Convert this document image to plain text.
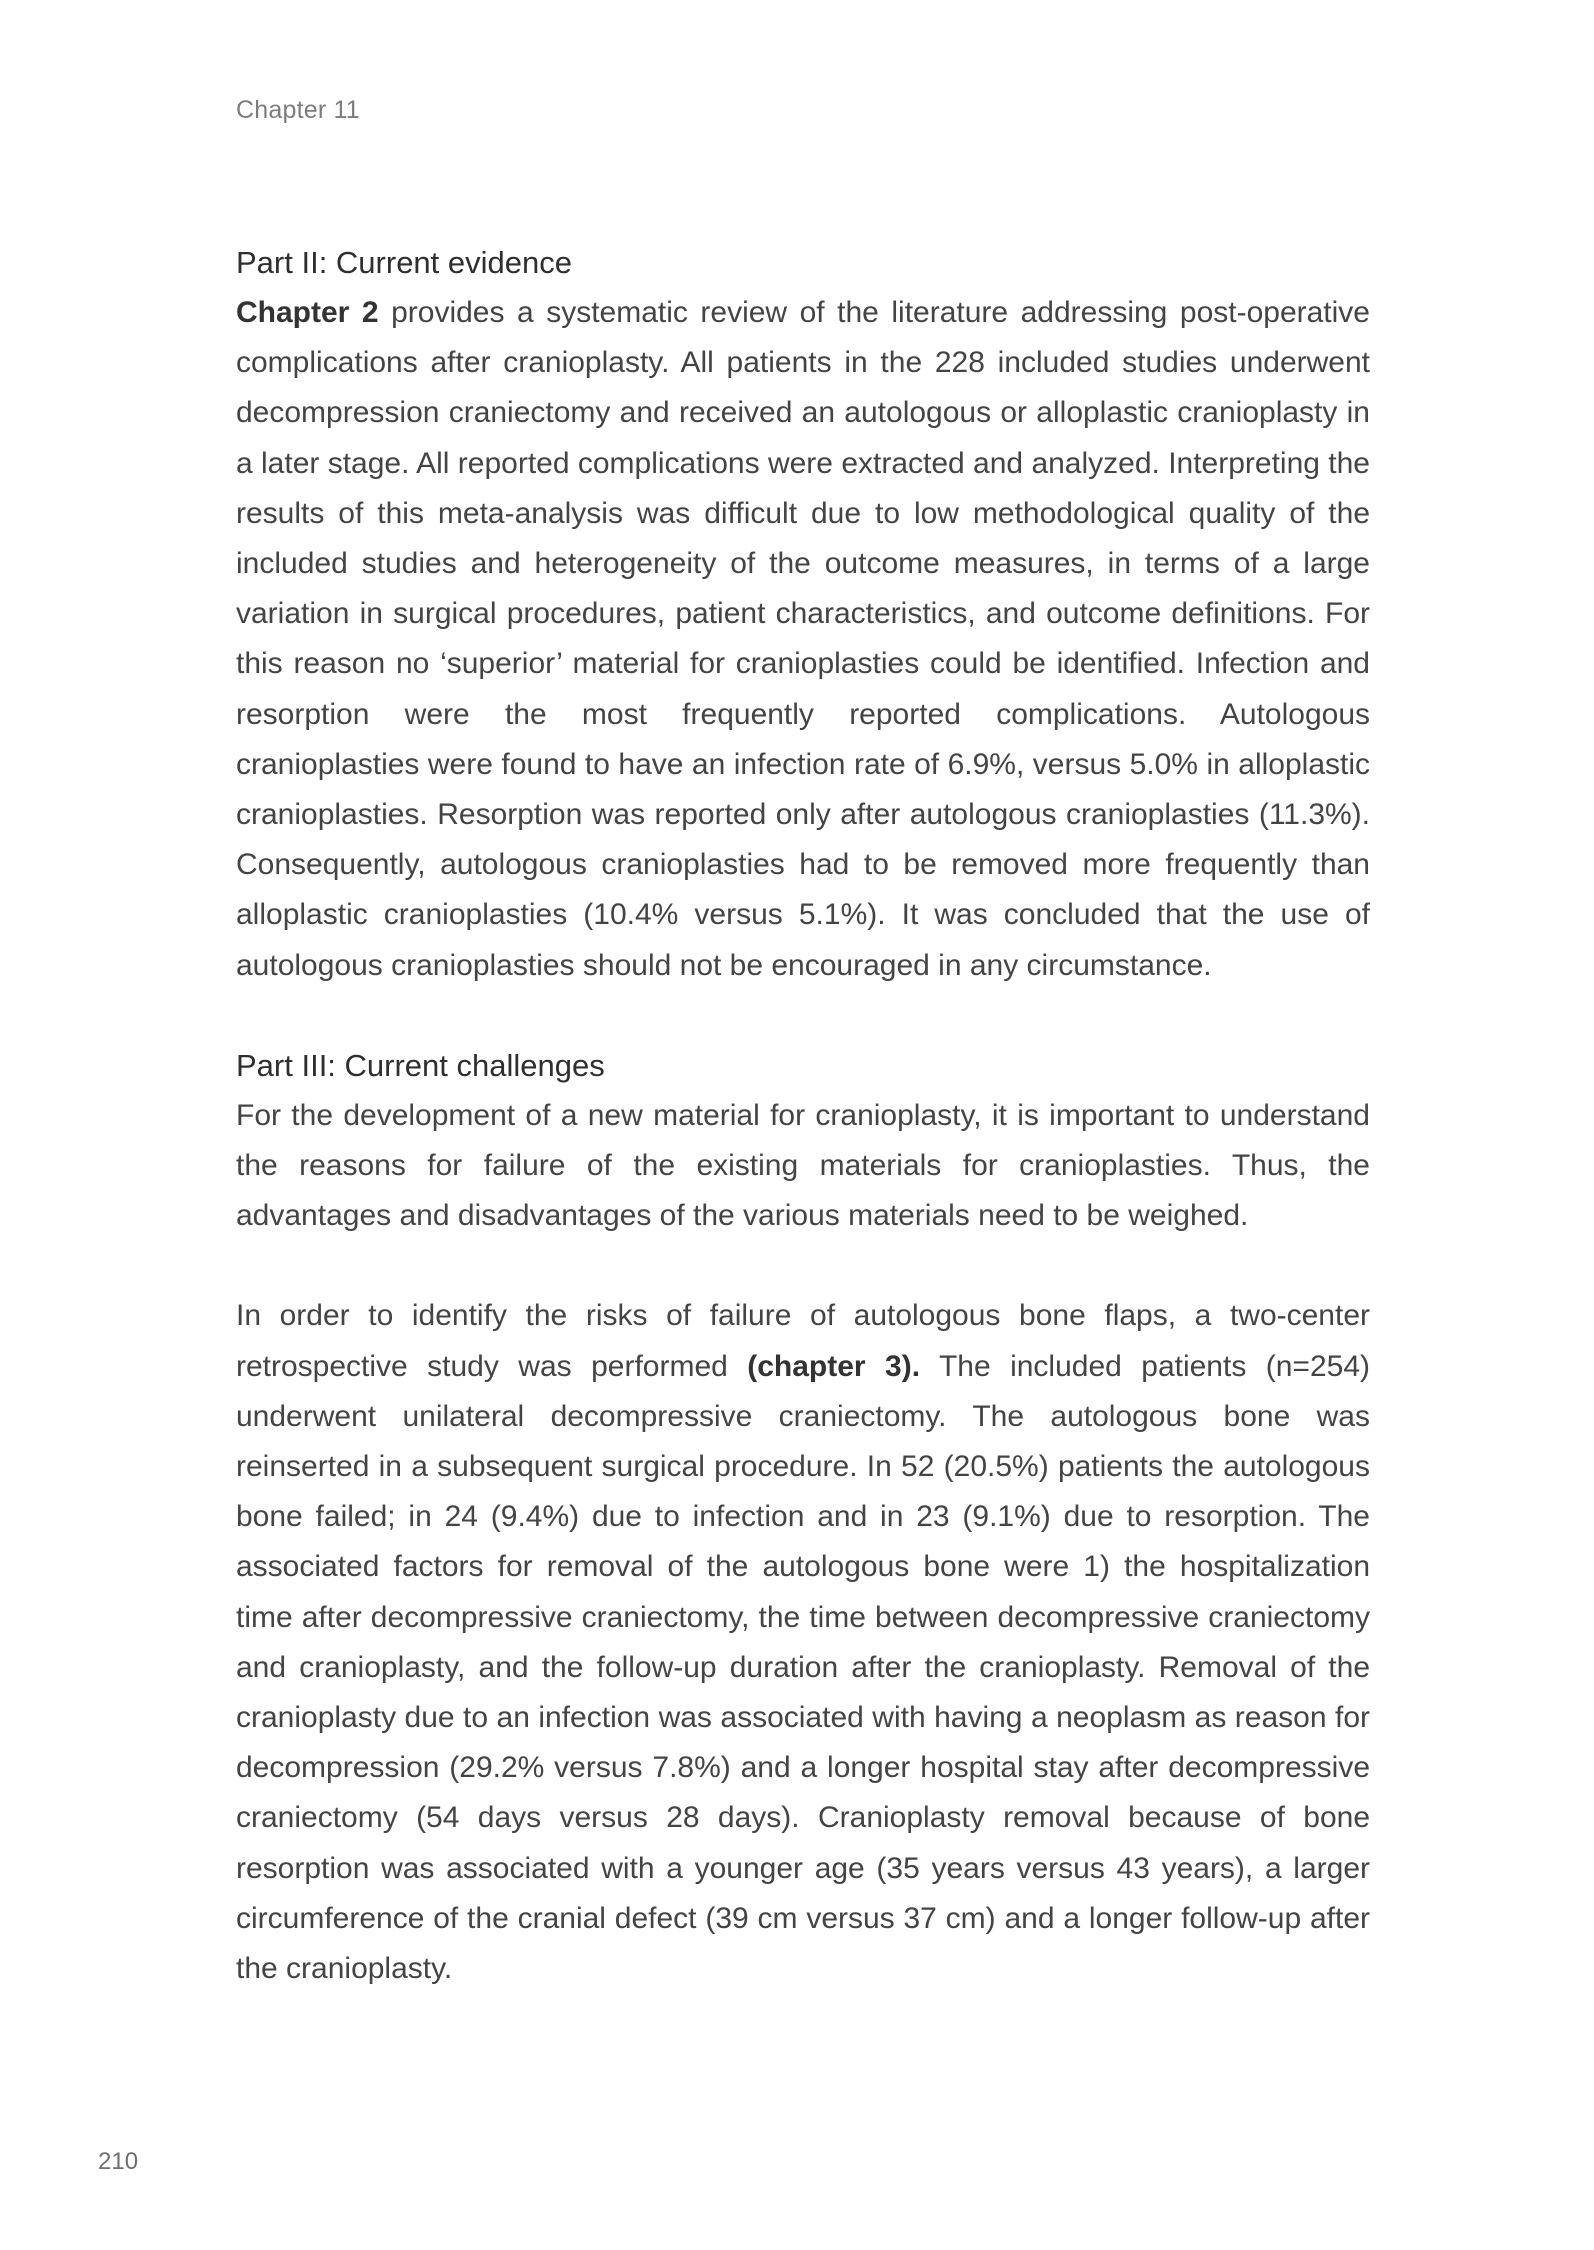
Chapter 11
Part II: Current evidence

Chapter 2 provides a systematic review of the literature addressing post-operative complications after cranioplasty. All patients in the 228 included studies underwent decompression craniectomy and received an autologous or alloplastic cranioplasty in a later stage. All reported complications were extracted and analyzed. Interpreting the results of this meta-analysis was difficult due to low methodological quality of the included studies and heterogeneity of the outcome measures, in terms of a large variation in surgical procedures, patient characteristics, and outcome definitions. For this reason no ‘superior’ material for cranioplasties could be identified. Infection and resorption were the most frequently reported complications. Autologous cranioplasties were found to have an infection rate of 6.9%, versus 5.0% in alloplastic cranioplasties. Resorption was reported only after autologous cranioplasties (11.3%). Consequently, autologous cranioplasties had to be removed more frequently than alloplastic cranioplasties (10.4% versus 5.1%). It was concluded that the use of autologous cranioplasties should not be encouraged in any circumstance.

Part III: Current challenges

For the development of a new material for cranioplasty, it is important to understand the reasons for failure of the existing materials for cranioplasties. Thus, the advantages and disadvantages of the various materials need to be weighed.

In order to identify the risks of failure of autologous bone flaps, a two-center retrospective study was performed (chapter 3). The included patients (n=254) underwent unilateral decompressive craniectomy. The autologous bone was reinserted in a subsequent surgical procedure. In 52 (20.5%) patients the autologous bone failed; in 24 (9.4%) due to infection and in 23 (9.1%) due to resorption. The associated factors for removal of the autologous bone were 1) the hospitalization time after decompressive craniectomy, the time between decompressive craniectomy and cranioplasty, and the follow-up duration after the cranioplasty. Removal of the cranioplasty due to an infection was associated with having a neoplasm as reason for decompression (29.2% versus 7.8%) and a longer hospital stay after decompressive craniectomy (54 days versus 28 days). Cranioplasty removal because of bone resorption was associated with a younger age (35 years versus 43 years), a larger circumference of the cranial defect (39 cm versus 37 cm) and a longer follow-up after the cranioplasty.

210
